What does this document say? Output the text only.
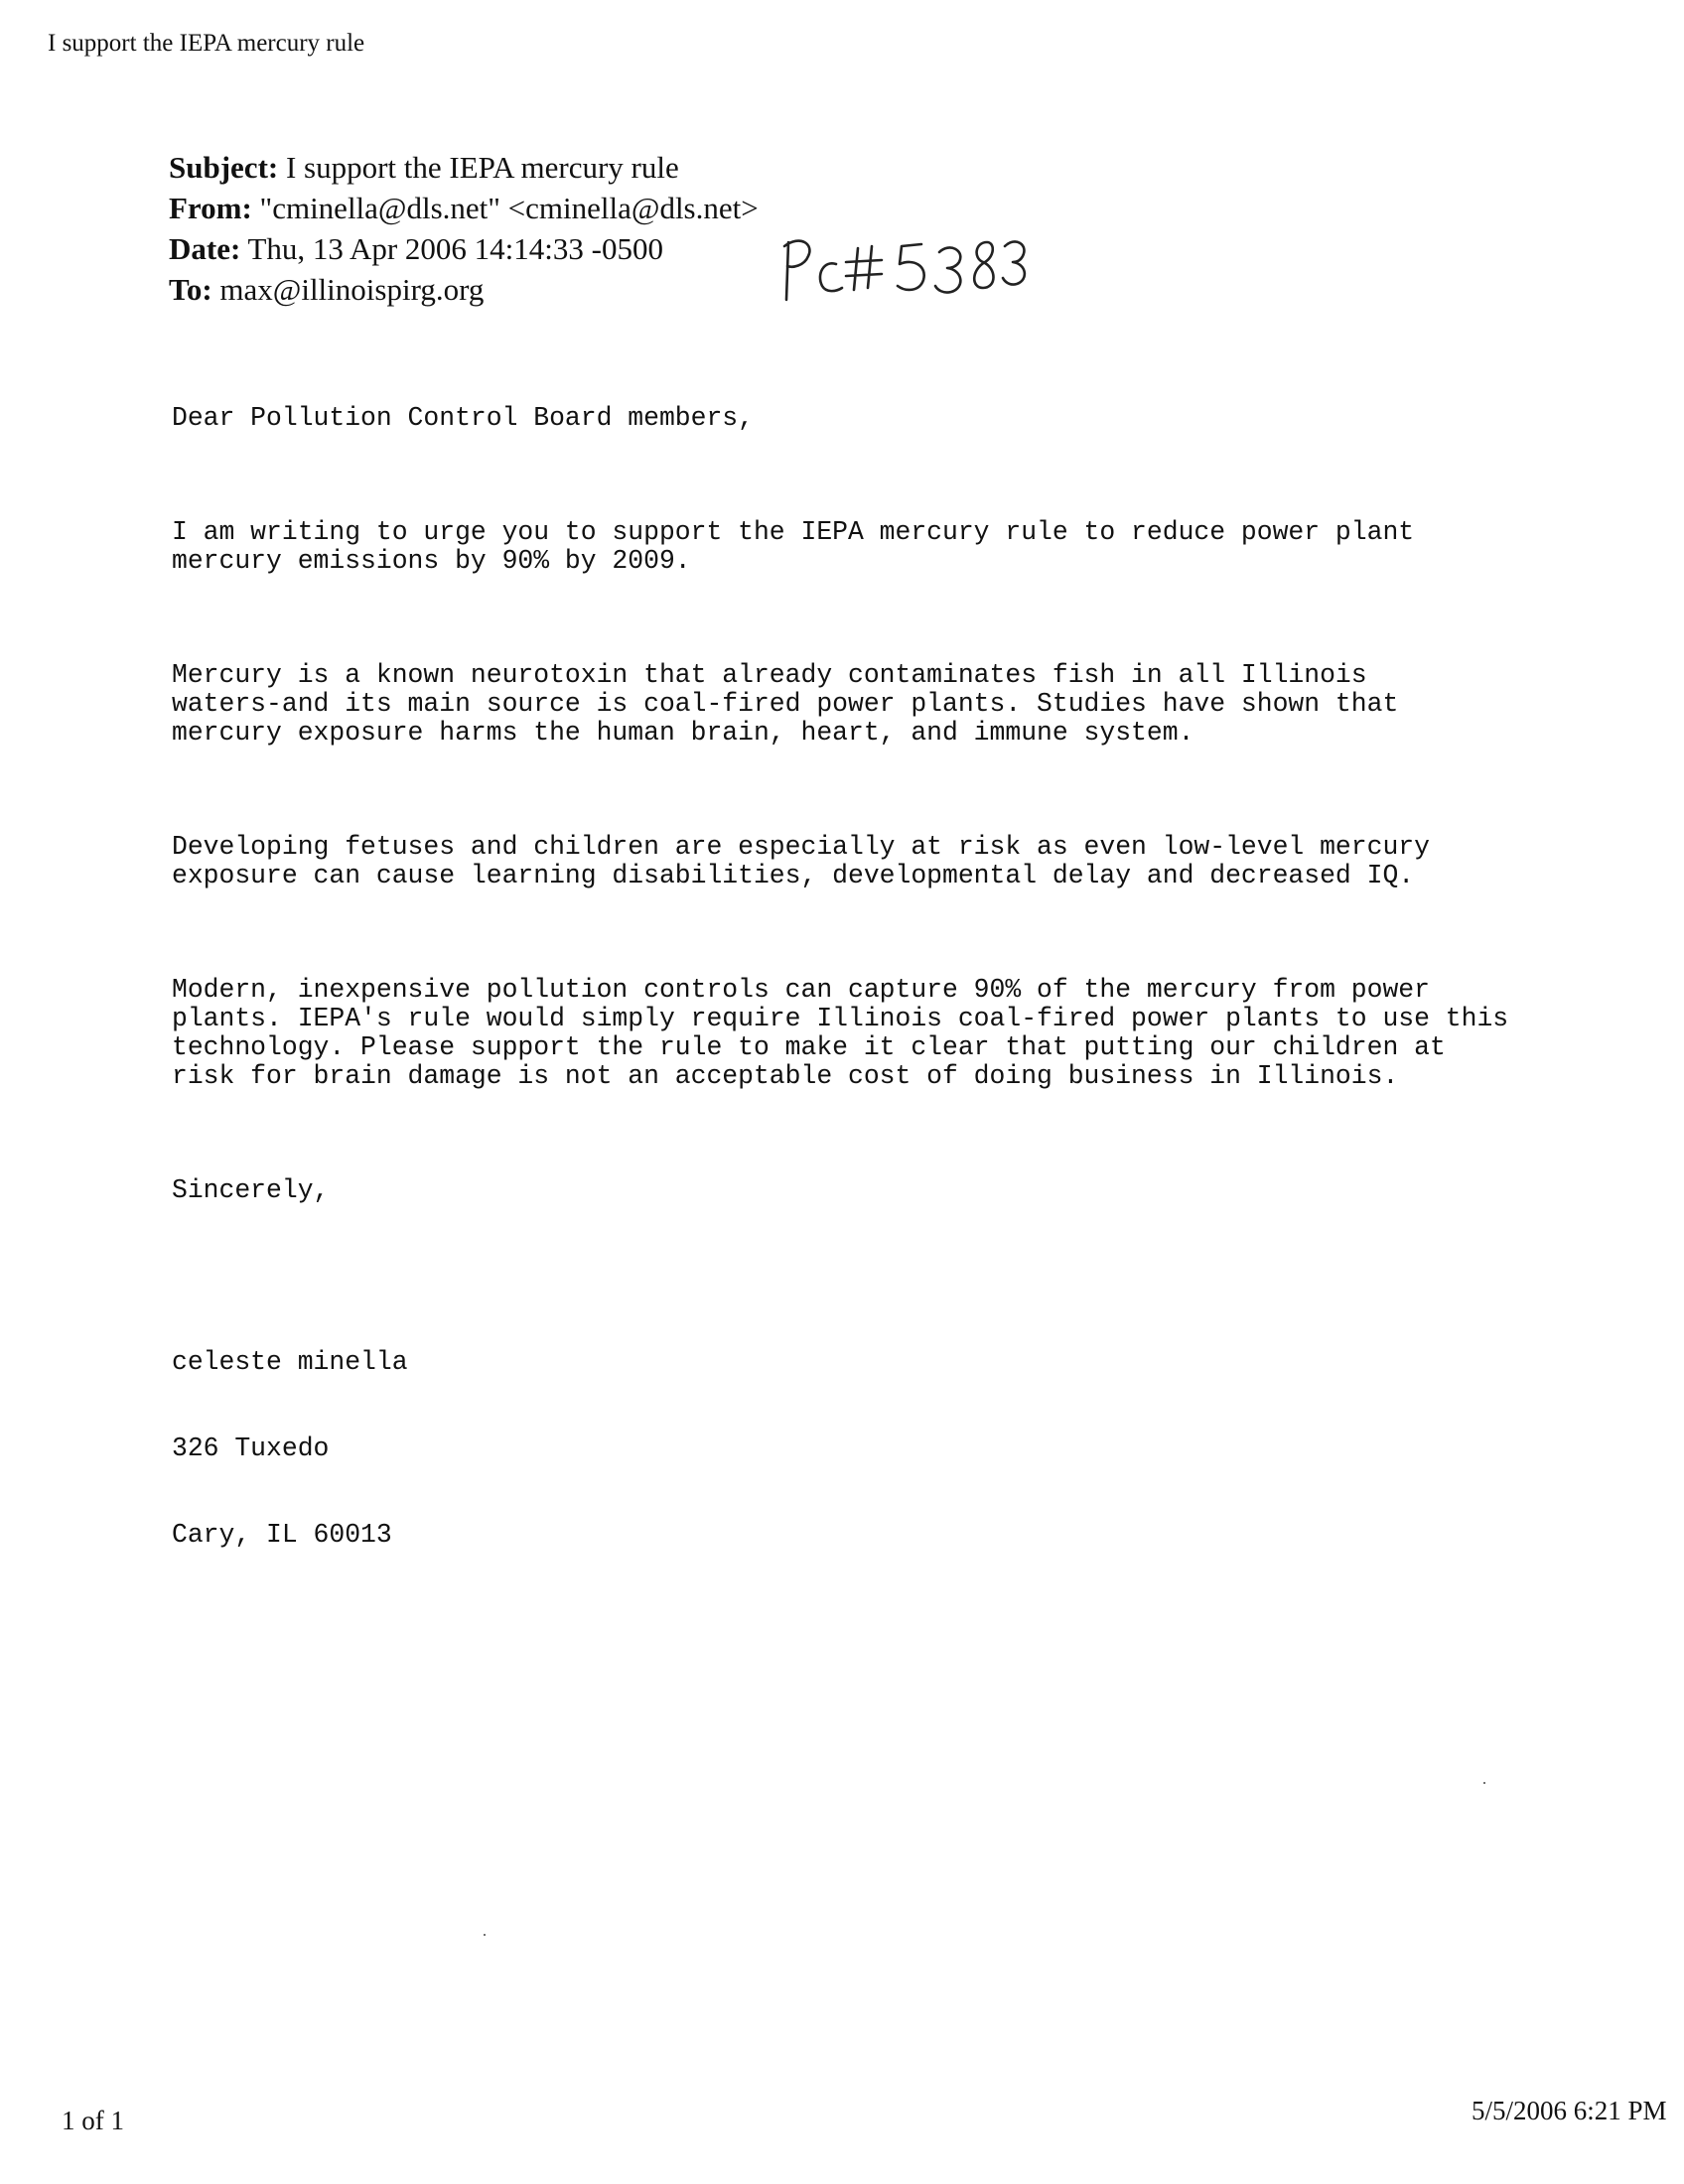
I support the IEPA mercury rule
Subject: I support the IEPA mercury rule
From: "cminella@dls.net" <cminella@dls.net>
Date: Thu, 13 Apr 2006 14:14:33 -0500
To: max@illinoispirg.org

Dear Pollution Control Board members,

I am writing to urge you to support the IEPA mercury rule to reduce power plant
mercury emissions by 90% by 2009.

Mercury is a known neurotoxin that already contaminates fish in all Illinois
waters-and its main source is coal-fired power plants. Studies have shown that
mercury exposure harms the human brain, heart, and immune system.

Developing fetuses and children are especially at risk as even low-level mercury
exposure can cause learning disabilities, developmental delay and decreased IQ.

Modern, inexpensive pollution controls can capture 90% of the mercury from power
plants. IEPA's rule would simply require Illinois coal-fired power plants to use this
technology. Please support the rule to make it clear that putting our children at
risk for brain damage is not an acceptable cost of doing business in Illinois.

Sincerely,

celeste minella

326 Tuxedo

Cary, IL 60013

1 of 1	5/5/2006 6:21 PM
